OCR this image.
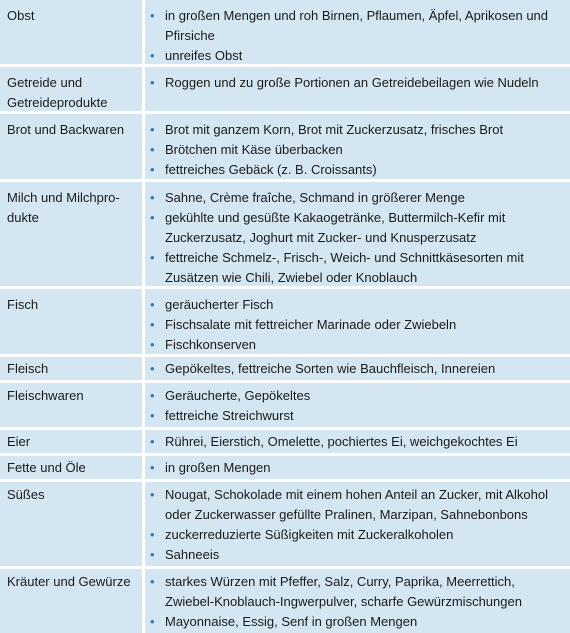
Obst	• in großen Mengen und roh Birnen, Pflaumen, Äpfel, Aprikosen und Pfirsiche
• unreifes Obst
Getreide und Getreideprodukte
• Roggen und zu große Portionen an Getreidebeilagen wie Nudeln
Brot und Backwaren	• Brot mit ganzem Korn, Brot mit Zuckerzusatz, frisches Brot
• Brötchen mit Käse überbacken
• fettreiches Gebäck (z. B. Croissants)
Milch und Milchprodukte
• Sahne, Crème fraîche, Schmand in größerer Menge
• gekühlte und gesüßte Kakaogetränke, Buttermilch-Kefir mit Zuckerzusatz, Joghurt mit Zucker- und Knusperzusatz
• fettreiche Schmelz-, Frisch-, Weich- und Schnittkäsesorten mit Zusätzen wie Chili, Zwiebel oder Knoblauch
Fisch	• geräucherter Fisch
• Fischsalate mit fettreicher Marinade oder Zwiebeln
• Fischkonserven
Fleisch	• Gepökeltes, fettreiche Sorten wie Bauchfleisch, Innereien
Fleischwaren	• Geräucherte, Gepökeltes
• fettreiche Streichwurst
Eier	• Rührei, Eierstich, Omelette, pochiertes Ei, weichgekochtes Ei
Fette und Öle	• in großen Mengen
Süßes	• Nougat, Schokolade mit einem hohen Anteil an Zucker, mit Alkohol oder Zuckerwasser gefüllte Pralinen, Marzipan, Sahnebonbons
• zuckerreduzierte Süßigkeiten mit Zuckeralkoholen
• Sahneeis
Kräuter und Gewürze	• starkes Würzen mit Pfeffer, Salz, Curry, Paprika, Meerrettich, Zwiebel-Knoblauch-Ingwerpulver, scharfe Gewürzmischungen
• Mayonnaise, Essig, Senf in großen Mengen
